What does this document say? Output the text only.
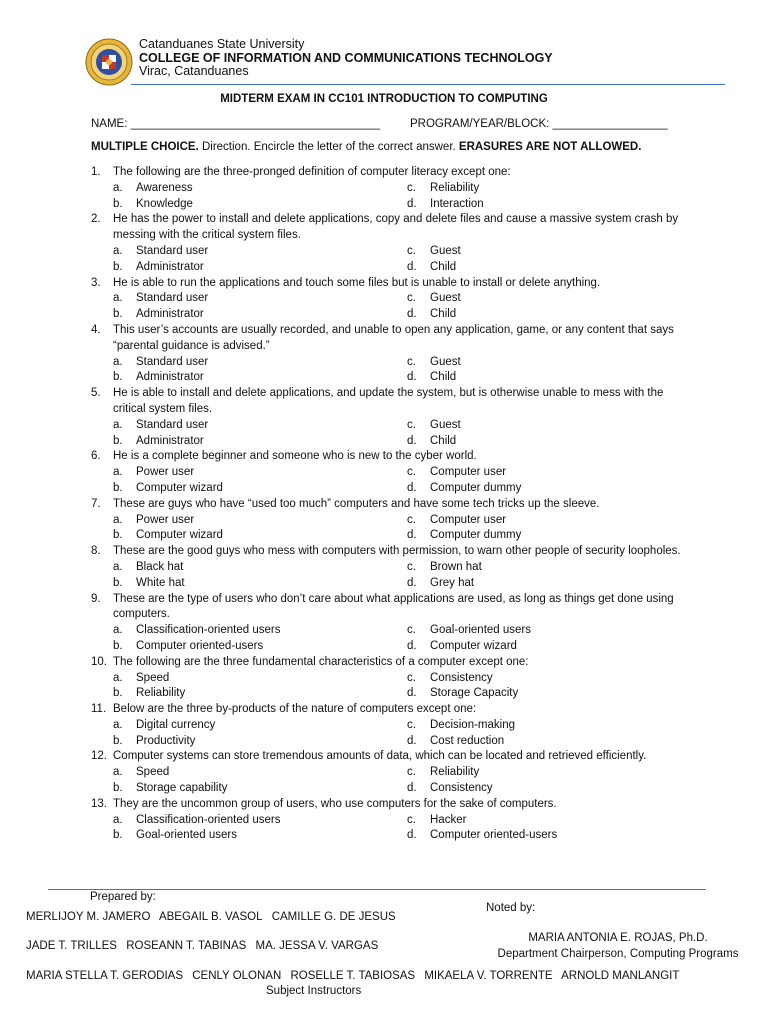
Catanduanes State University
COLLEGE OF INFORMATION AND COMMUNICATIONS TECHNOLOGY
Virac, Catanduanes
MIDTERM EXAM IN CC101 INTRODUCTION TO COMPUTING
NAME: _______________________________________	PROGRAM/YEAR/BLOCK: __________________
MULTIPLE CHOICE. Direction. Encircle the letter of the correct answer. ERASURES ARE NOT ALLOWED.
1.	The following are the three-pronged definition of computer literacy except one:
a.	Awareness	c.	Reliability
b.	Knowledge	d.	Interaction
2.	He has the power to install and delete applications, copy and delete files and cause a massive system crash by messing with the critical system files.
a.	Standard user	c.	Guest
b.	Administrator	d.	Child
3.	He is able to run the applications and touch some files but is unable to install or delete anything.
a.	Standard user	c.	Guest
b.	Administrator	d.	Child
4.	This user’s accounts are usually recorded, and unable to open any application, game, or any content that says “parental guidance is advised.”
a.	Standard user	c.	Guest
b.	Administrator	d.	Child
5.	He is able to install and delete applications, and update the system, but is otherwise unable to mess with the critical system files.
a.	Standard user	c.	Guest
b.	Administrator	d.	Child
6.	He is a complete beginner and someone who is new to the cyber world.
a.	Power user	c.	Computer user
b.	Computer wizard	d.	Computer dummy
7.	These are guys who have “used too much” computers and have some tech tricks up the sleeve.
a.	Power user	c.	Computer user
b.	Computer wizard	d.	Computer dummy
8.	These are the good guys who mess with computers with permission, to warn other people of security loopholes.
a.	Black hat	c.	Brown hat
b.	White hat	d.	Grey hat
9.	These are the type of users who don’t care about what applications are used, as long as things get done using computers.
a.	Classification-oriented users	c.	Goal-oriented users
b.	Computer oriented-users	d.	Computer wizard
10. The following are the three fundamental characteristics of a computer except one:
a.	Speed	c.	Consistency
b.	Reliability	d.	Storage Capacity
11. Below are the three by-products of the nature of computers except one:
a.	Digital currency	c.	Decision-making
b.	Productivity	d.	Cost reduction
12. Computer systems can store tremendous amounts of data, which can be located and retrieved efficiently.
a.	Speed	c.	Reliability
b.	Storage capability	d.	Consistency
13. They are the uncommon group of users, who use computers for the sake of computers.
a.	Classification-oriented users	c.	Hacker
b.	Goal-oriented users	d.	Computer oriented-users
Prepared by:
Noted by:
MERLIJOY M. JAMERO ABEGAIL B. VASOL CAMILLE G. DE JESUS
JADE T. TRILLES ROSEANN T. TABINAS MA. JESSA V. VARGAS
MARIA STELLA T. GERODIAS CENLY OLONAN ROSELLE T. TABIOSAS MIKAELA V. TORRENTE ARNOLD MANLANGIT
MARIA ANTONIA E. ROJAS, Ph.D.
Department Chairperson, Computing Programs
Subject Instructors
